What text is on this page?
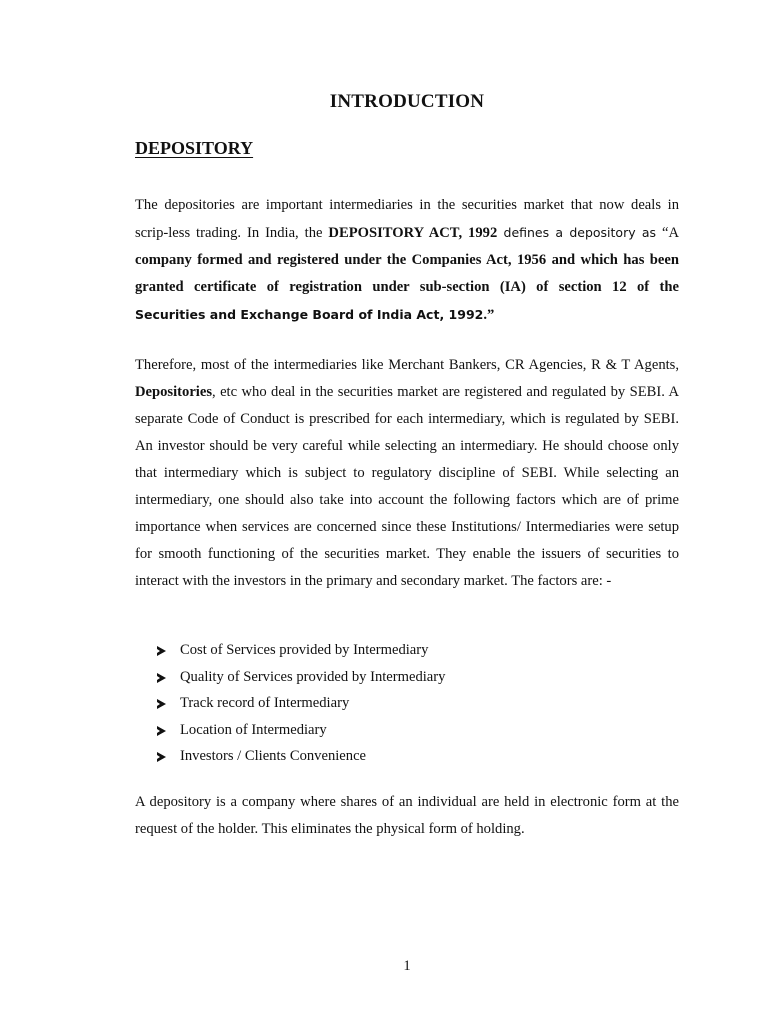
INTRODUCTION
DEPOSITORY

The depositories are important intermediaries in the securities market that now deals in scrip-less trading. In India, the DEPOSITORY ACT, 1992 defines a depository as “A company formed and registered under the Companies Act, 1956 and which has been granted certificate of registration under sub-section (IA) of section 12 of the Securities and Exchange Board of India Act, 1992.”

Therefore, most of the intermediaries like Merchant Bankers, CR Agencies, R & T Agents, Depositories, etc who deal in the securities market are registered and regulated by SEBI. A separate Code of Conduct is prescribed for each intermediary, which is regulated by SEBI. An investor should be very careful while selecting an intermediary. He should choose only that intermediary which is subject to regulatory discipline of SEBI. While selecting an intermediary, one should also take into account the following factors which are of prime importance when services are concerned since these Institutions/ Intermediaries were setup for smooth functioning of the securities market. They enable the issuers of securities to interact with the investors in the primary and secondary market. The factors are: -

Cost of Services provided by Intermediary
Quality of Services provided by Intermediary
Track record of Intermediary
Location of Intermediary
Investors / Clients Convenience

A depository is a company where shares of an individual are held in electronic form at the request of the holder. This eliminates the physical form of holding.

1
